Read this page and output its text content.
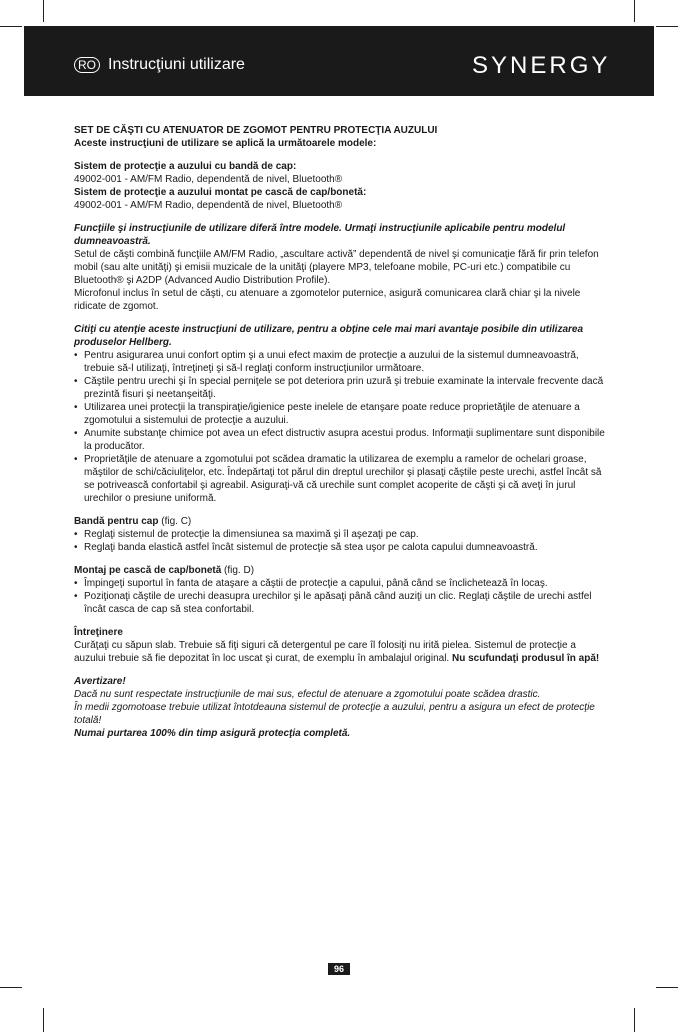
RO Instrucţiuni utilizare	SYNERGY

SET DE CĂŞTI CU ATENUATOR DE ZGOMOT PENTRU PROTECŢIA AUZULUI

Aceste instrucţiuni de utilizare se aplică la următoarele modele:

Sistem de protecţie a auzului cu bandă de cap:

49002-001 - AM/FM Radio, dependentă de nivel, Bluetooth®

Sistem de protecţie a auzului montat pe cască de cap/bonetă:

49002-001 - AM/FM Radio, dependentă de nivel, Bluetooth®

Funcţiile şi instrucţiunile de utilizare diferă între modele. Urmaţi instrucţiunile aplicabile pentru modelul dumneavoastră.

Setul de căşti combină funcţiile AM/FM Radio, „ascultare activă” dependentă de nivel şi comunicaţie fără fir prin telefon mobil (sau alte unităţi) şi emisii muzicale de la unităţi (playere MP3, telefoane mobile, PC-uri etc.) compatibile cu Bluetooth® şi A2DP (Advanced Audio Distribution Profile).

Microfonul inclus în setul de căşti, cu atenuare a zgomotelor puternice, asigură comunicarea clară chiar şi la nivele ridicate de zgomot.

Citiţi cu atenţie aceste instrucţiuni de utilizare, pentru a obţine cele mai mari avantaje posibile din utilizarea produselor Hellberg.

• Pentru asigurarea unui confort optim şi a unui efect maxim de protecţie a auzului de la sistemul dumneavoastră, trebuie să-l utilizaţi, întreţineţi şi să-l reglaţi conform instrucţiunilor următoare.
• Căştile pentru urechi şi în special perniţele se pot deteriora prin uzură şi trebuie examinate la intervale frecvente dacă prezintă fisuri şi neetanşeităţi.
• Utilizarea unei protecţii la transpiraţie/igienice peste inelele de etanşare poate reduce proprietăţile de atenuare a zgomotului a sistemului de protecţie a auzului.
• Anumite substanţe chimice pot avea un efect distructiv asupra acestui produs. Informaţii suplimentare sunt disponibile la producător.
• Proprietăţile de atenuare a zgomotului pot scădea dramatic la utilizarea de exemplu a ramelor de ochelari groase, măştilor de schi/căciuliţelor, etc. Îndepărtaţi tot părul din dreptul urechilor şi plasaţi căştile peste urechi, astfel încât să se potrivească confortabil şi agreabil. Asiguraţi-vă că urechile sunt complet acoperite de căşti şi că aveţi în jurul urechilor o presiune uniformă.

Bandă pentru cap (fig. C)

• Reglaţi sistemul de protecţie la dimensiunea sa maximă şi îl aşezaţi pe cap.
• Reglaţi banda elastică astfel încât sistemul de protecţie să stea uşor pe calota capului dumneavoastră.

Montaj pe cască de cap/bonetă (fig. D)

• Împingeţi suportul în fanta de ataşare a căştii de protecţie a capului, până când se înclichetează în locaş.
• Poziţionaţi căştile de urechi deasupra urechilor şi le apăsaţi până când auziţi un clic. Reglaţi căştile de urechi astfel încât casca de cap să stea confortabil.

Întreţinere

Curăţaţi cu săpun slab. Trebuie să fiţi siguri că detergentul pe care îl folosiţi nu irită pielea. Sistemul de protecţie a auzului trebuie să fie depozitat în loc uscat şi curat, de exemplu în ambalajul original. Nu scufundaţi produsul în apă!

Avertizare!

Dacă nu sunt respectate instrucţiunile de mai sus, efectul de atenuare a zgomotului poate scădea drastic.

În medii zgomotoase trebuie utilizat întotdeauna sistemul de protecţie a auzului, pentru a asigura un efect de protecţie totală!

Numai purtarea 100% din timp asigură protecţia completă.

96
